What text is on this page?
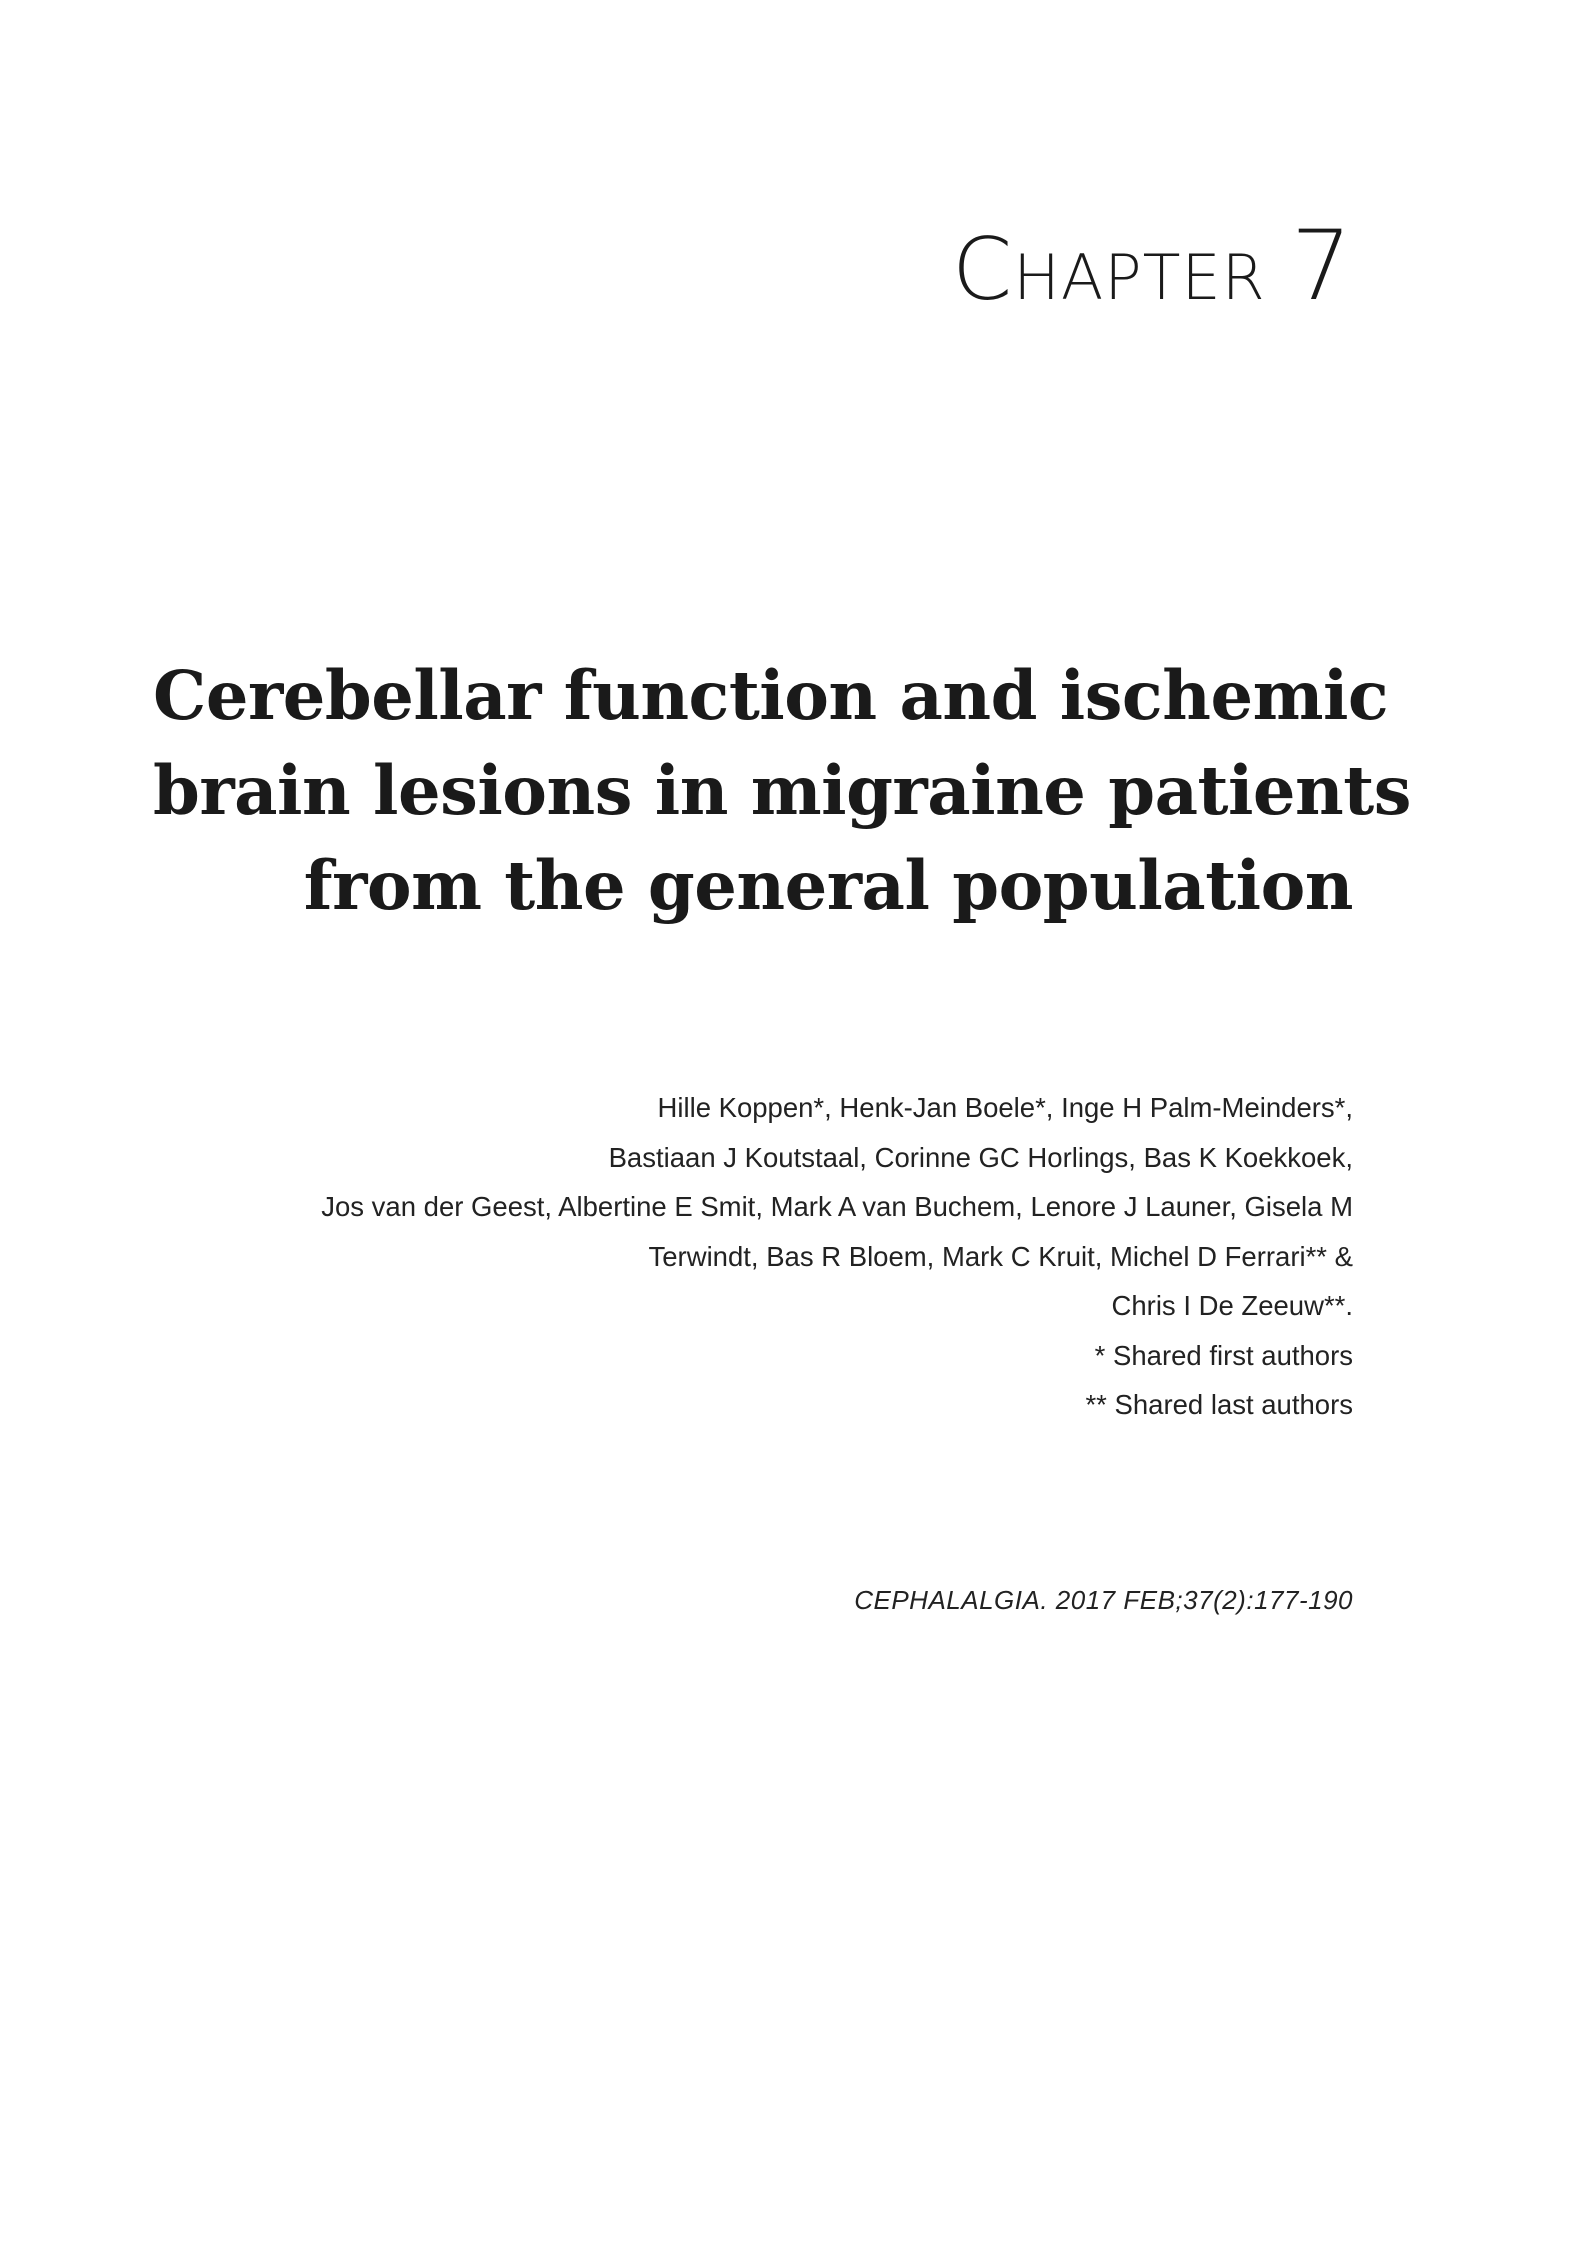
CHAPTER 7
Cerebellar function and ischemic
brain lesions in migraine patients
from the general population
Hille Koppen*, Henk-Jan Boele*, Inge H Palm-Meinders*,
Bastiaan J Koutstaal, Corinne GC Horlings, Bas K Koekkoek,
Jos van der Geest, Albertine E Smit, Mark A van Buchem, Lenore J Launer, Gisela M
Terwindt, Bas R Bloem, Mark C Kruit, Michel D Ferrari** &
Chris I De Zeeuw**.
* Shared first authors
** Shared last authors
CEPHALALGIA. 2017 FEB;37(2):177-190
